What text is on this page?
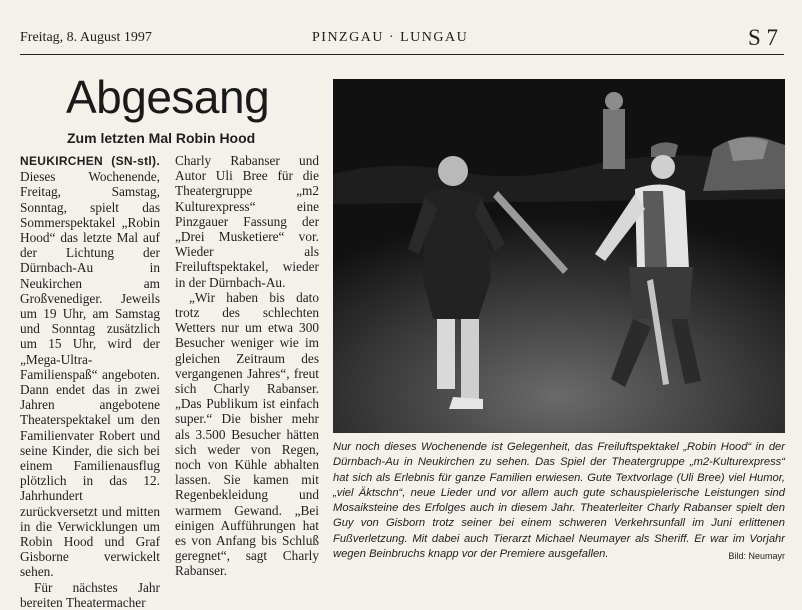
Freitag, 8. August 1997	PINZGAU · LUNGAU	S 7
Abgesang
Zum letzten Mal Robin Hood

NEUKIRCHEN (SN-stl). Dieses Wochenende, Freitag, Samstag, Sonntag, spielt das Sommerspektakel „Robin Hood“ das letzte Mal auf der Lichtung der Dürnbach-Au in Neukirchen am Großvenediger. Jeweils um 19 Uhr, am Samstag und Sonntag zusätzlich um 15 Uhr, wird der „Mega-Ultra-Familienspaß“ angeboten. Dann endet das in zwei Jahren angebotene Theaterspektakel um den Familienvater Robert und seine Kinder, die sich bei einem Familienausflug plötzlich in das 12. Jahrhundert zurückversetzt und mitten in die Verwicklungen um Robin Hood und Graf Gisborne verwickelt sehen.

Für nächstes Jahr bereiten Theatermacher

Charly Rabanser und Autor Uli Bree für die Theatergruppe „m2 Kulturexpress“ eine Pinzgauer Fassung der „Drei Musketiere“ vor. Wieder als Freiluftspektakel, wieder in der Dürnbach-Au.

„Wir haben bis dato trotz des schlechten Wetters nur um etwa 300 Besucher weniger wie im gleichen Zeitraum des vergangenen Jahres“, freut sich Charly Rabanser. „Das Publikum ist einfach super.“ Die bisher mehr als 3.500 Besucher hätten sich weder von Regen, noch von Kühle abhalten lassen. Sie kamen mit Regenbekleidung und warmem Gewand. „Bei einigen Aufführungen hat es von Anfang bis Schluß geregnet“, sagt Charly Rabanser.

Nur noch dieses Wochenende ist Gelegenheit, das Freiluftspektakel „Robin Hood“ in der Dürnbach-Au in Neukirchen zu sehen. Das Spiel der Theatergruppe „m2-Kulturexpress“ hat sich als Erlebnis für ganze Familien erwiesen. Gute Textvorlage (Uli Bree) viel Humor, „viel Äktschn“, neue Lieder und vor allem auch gute schauspielerische Leistungen sind Mosaiksteine des Erfolges auch in diesem Jahr. Theaterleiter Charly Rabanser spielt den Guy von Gisborn trotz seiner bei einem schweren Verkehrsunfall im Juni erlittenen Fußverletzung. Mit dabei auch Tierarzt Michael Neumayer als Sheriff. Er war im Vorjahr wegen Beinbruchs knapp vor der Premiere ausgefallen.	Bild: Neumayr
